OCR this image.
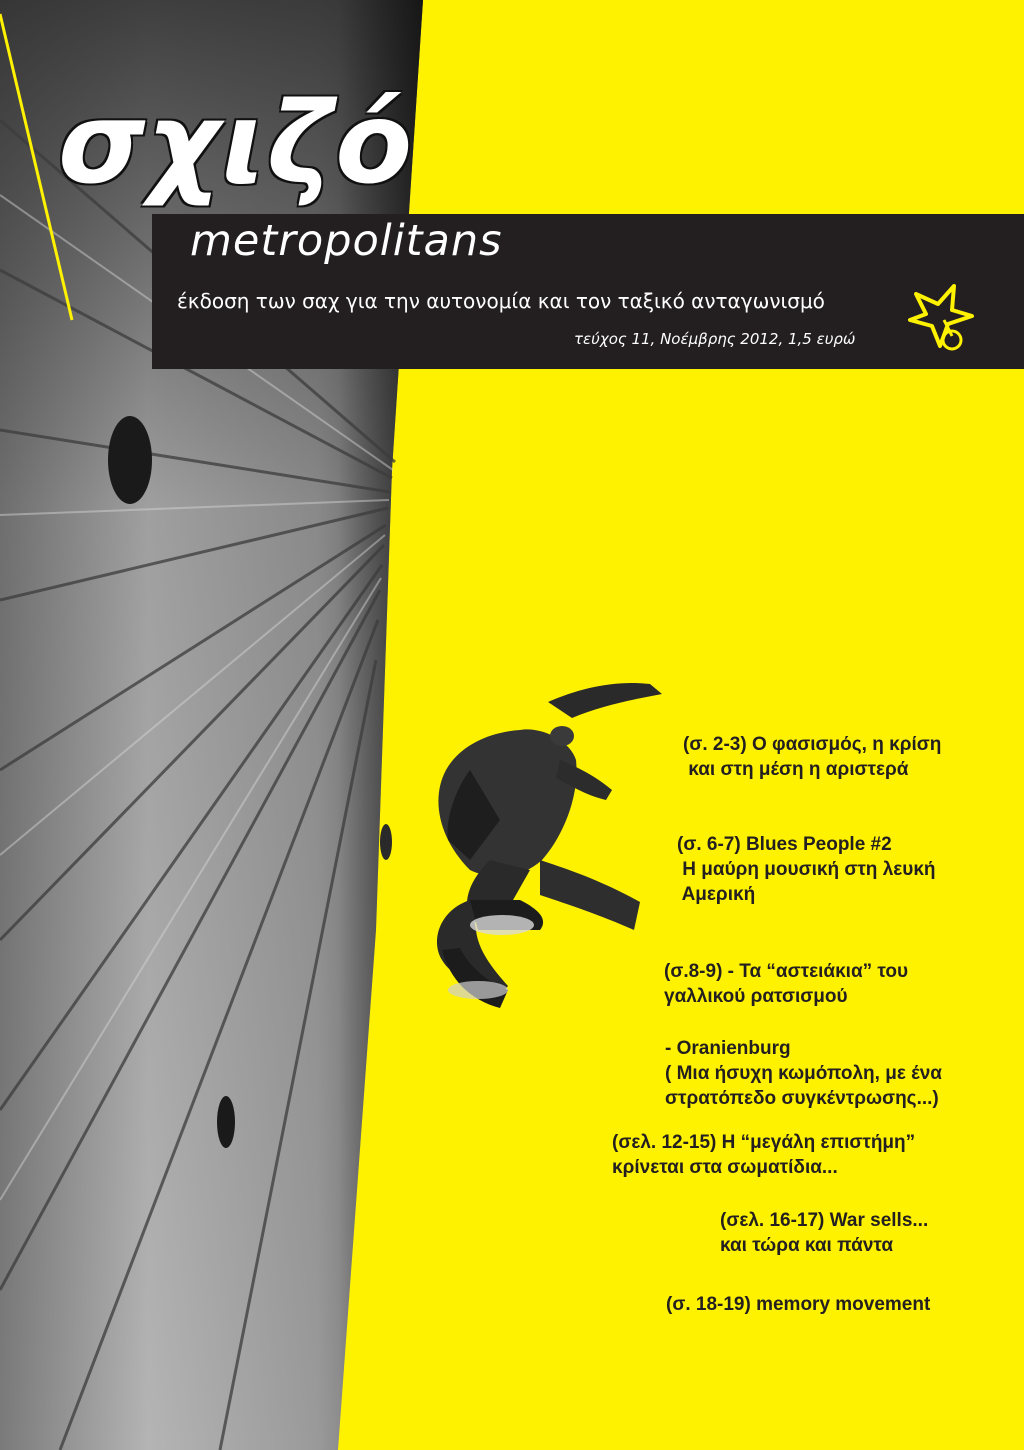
σχιζό
metropolitans
έκδοση των σαχ για την αυτονομία και τον ταξικό ανταγωνισμό
τεύχος 11, Νοέμβρης 2012, 1,5 ευρώ

(σ. 2-3) Ο φασισμός, η κρίση
και στη μέση η αριστερά

(σ. 6-7) Blues People #2
Η μαύρη μουσική στη λευκή
Αμερική

(σ.8-9) - Τα “αστειάκια” του
γαλλικού ρατσισμού

- Oranienburg
( Μια ήσυχη κωμόπολη, με ένα
στρατόπεδο συγκέντρωσης...)

(σελ. 12-15) Η “μεγάλη επιστήμη”
κρίνεται στα σωματίδια...

(σελ. 16-17) War sells...
και τώρα και πάντα

(σ. 18-19) memory movement
